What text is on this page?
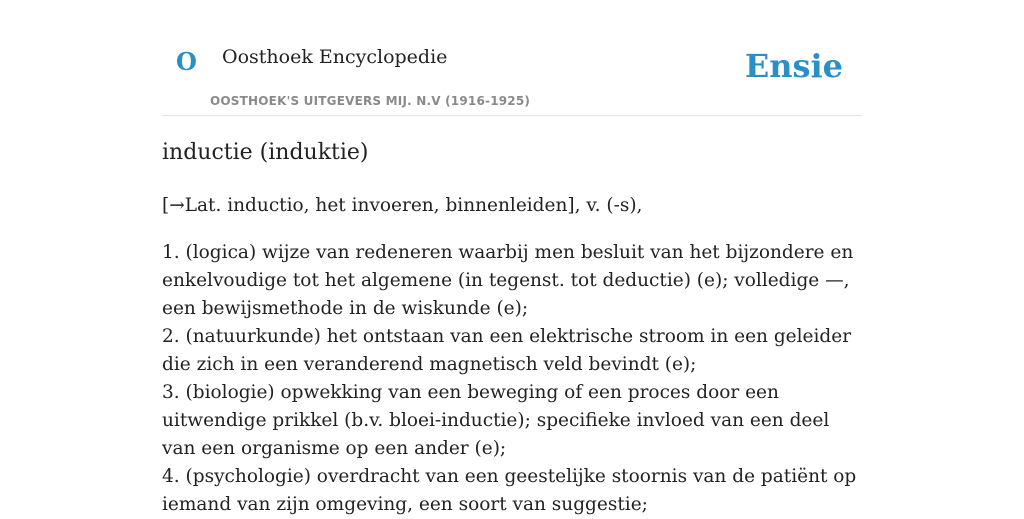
O Oosthoek Encyclopedie
OOSTHOEK'S UITGEVERS MIJ. N.V (1916-1925)
Ensie
inductie (induktie)

[→Lat. inductio, het invoeren, binnenleiden], v. (-s),

1. (logica) wijze van redeneren waarbij men besluit van het bijzondere en enkelvoudige tot het algemene (in tegenst. tot deductie) (e); volledige —, een bewijsmethode in de wiskunde (e);
2. (natuurkunde) het ontstaan van een elektrische stroom in een geleider die zich in een veranderend magnetisch veld bevindt (e);
3. (biologie) opwekking van een beweging of een proces door een uitwendige prikkel (b.v. bloei-inductie); specifieke invloed van een deel van een organisme op een ander (e);
4. (psychologie) overdracht van een geestelijke stoornis van de patiënt op iemand van zijn omgeving, een soort van suggestie;
